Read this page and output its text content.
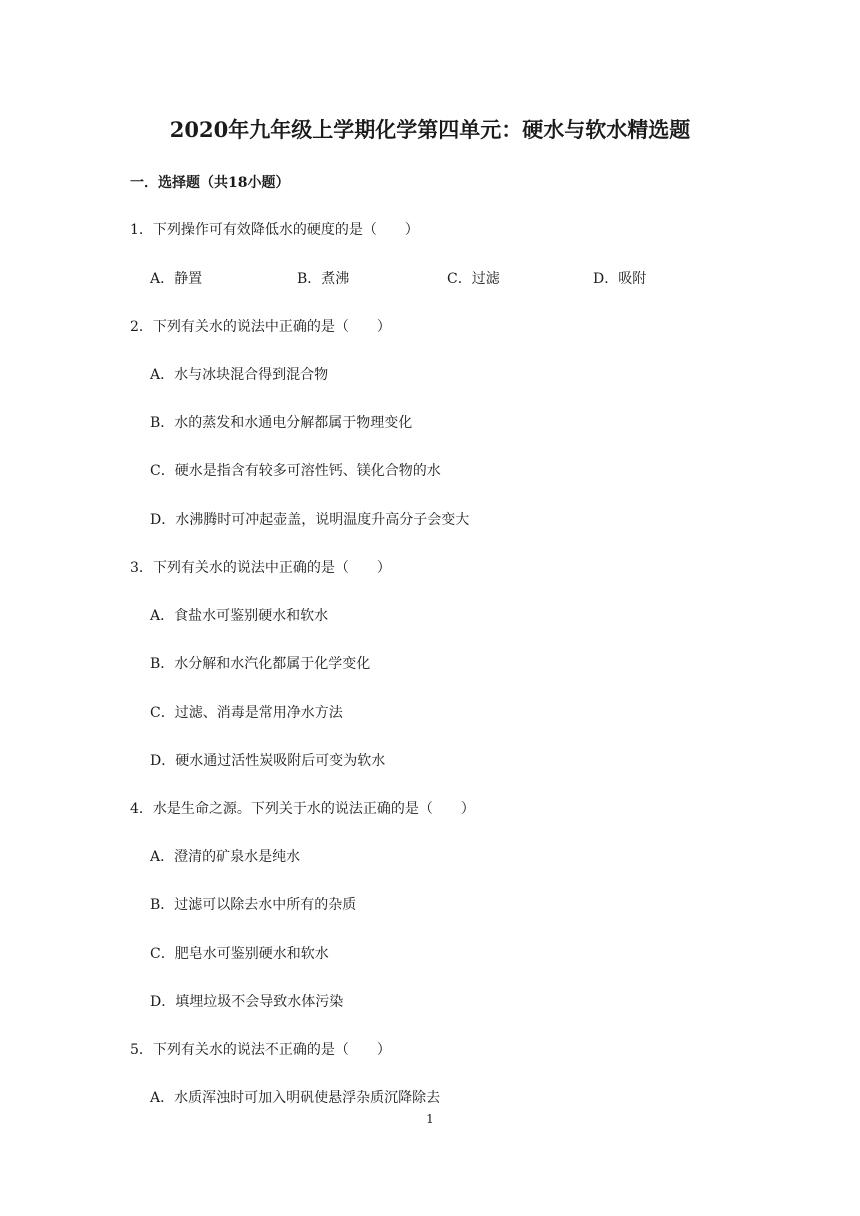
2020年九年级上学期化学第四单元：硬水与软水精选题
一．选择题（共18小题）
1．下列操作可有效降低水的硬度的是（　　）
A．静置	B．煮沸	C．过滤	D．吸附
2．下列有关水的说法中正确的是（　　）
A．水与冰块混合得到混合物
B．水的蒸发和水通电分解都属于物理变化
C．硬水是指含有较多可溶性钙、镁化合物的水
D．水沸腾时可冲起壶盖，说明温度升高分子会变大
3．下列有关水的说法中正确的是（　　）
A．食盐水可鉴别硬水和软水
B．水分解和水汽化都属于化学变化
C．过滤、消毒是常用净水方法
D．硬水通过活性炭吸附后可变为软水
4．水是生命之源。下列关于水的说法正确的是（　　）
A．澄清的矿泉水是纯水
B．过滤可以除去水中所有的杂质
C．肥皂水可鉴别硬水和软水
D．填埋垃圾不会导致水体污染
5．下列有关水的说法不正确的是（　　）
A．水质浑浊时可加入明矾使悬浮杂质沉降除去
1
